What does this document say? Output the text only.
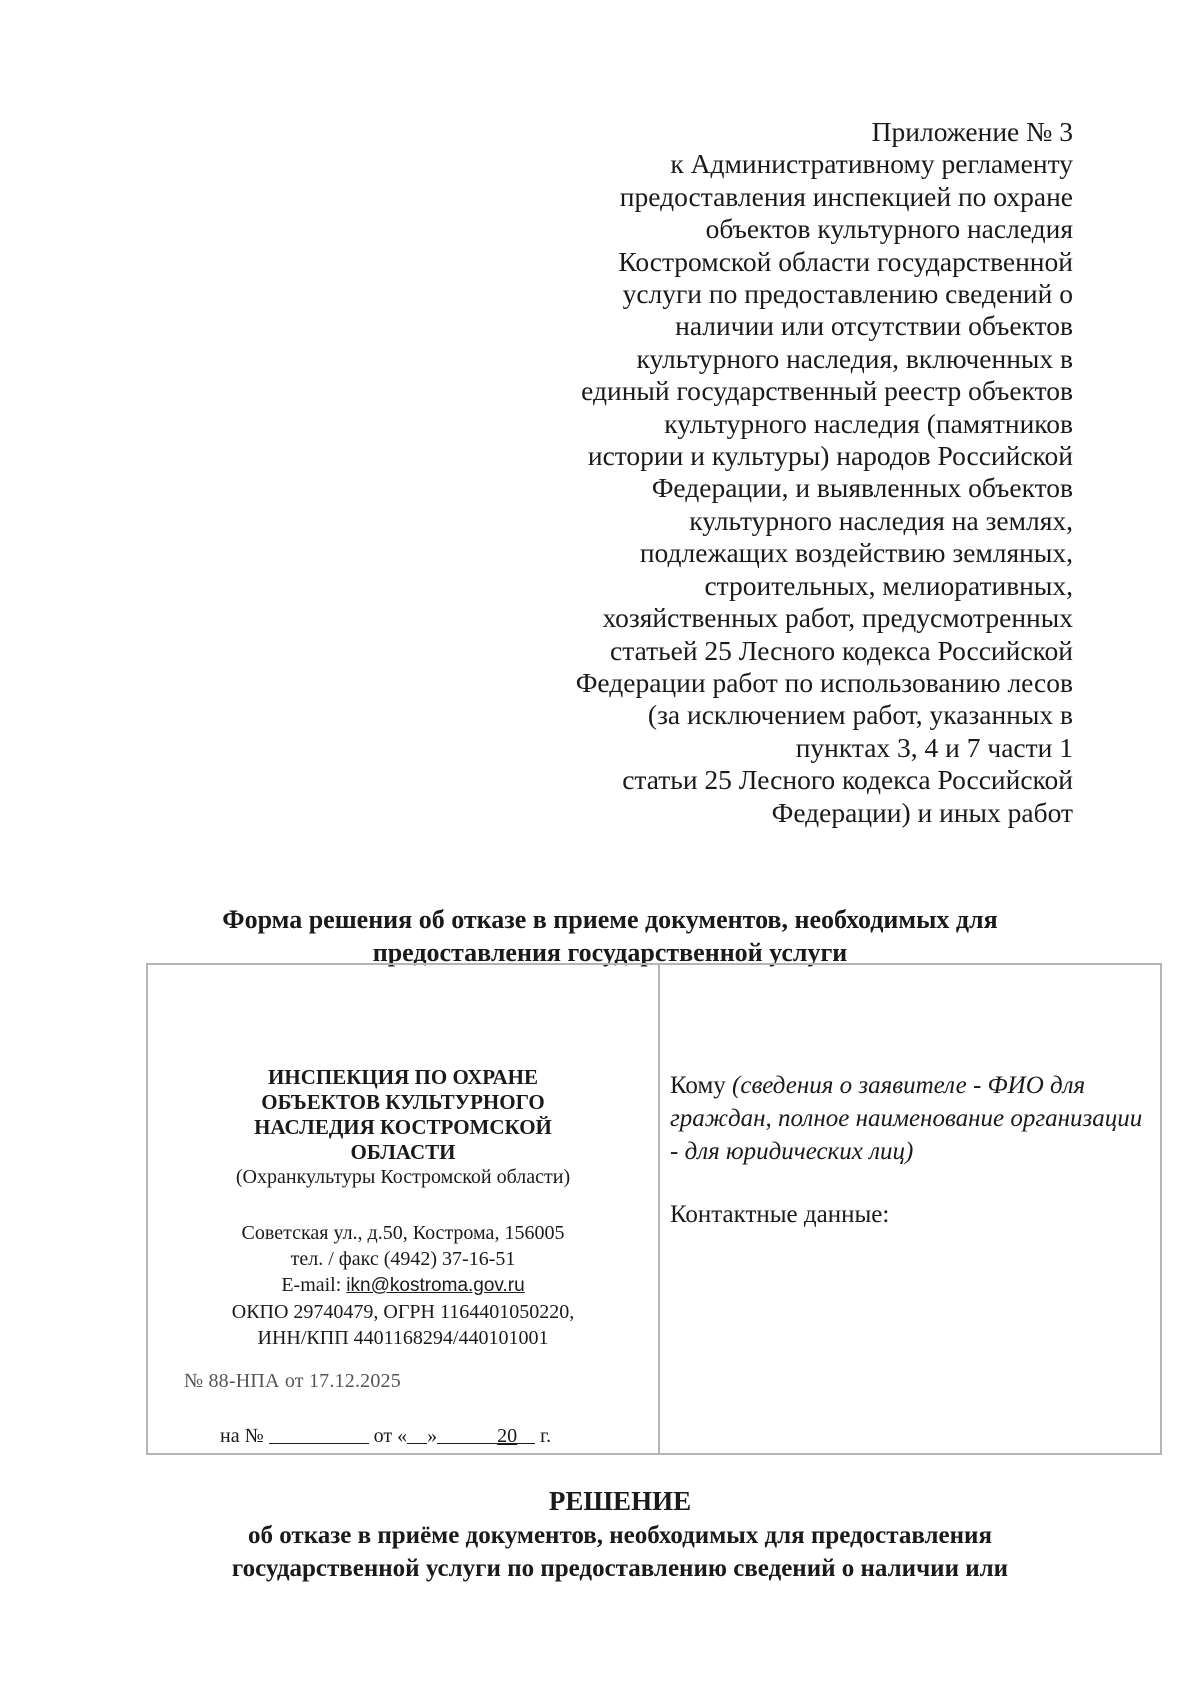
Приложение № 3
к Административному регламенту
предоставления инспекцией по охране
объектов культурного наследия
Костромской области государственной
услуги по предоставлению сведений о
наличии или отсутствии объектов
культурного наследия, включенных в
единый государственный реестр объектов
культурного наследия (памятников
истории и культуры) народов Российской
Федерации, и выявленных объектов
культурного наследия на землях,
подлежащих воздействию земляных,
строительных, мелиоративных,
хозяйственных работ, предусмотренных
статьей 25 Лесного кодекса Российской
Федерации работ по использованию лесов
(за исключением работ, указанных в
пунктах 3, 4 и 7 части 1
статьи 25 Лесного кодекса Российской
Федерации) и иных работ
Форма решения об отказе в приеме документов, необходимых для
предоставления государственной услуги
ИНСПЕКЦИЯ ПО ОХРАНЕ
ОБЪЕКТОВ КУЛЬТУРНОГО
НАСЛЕДИЯ КОСТРОМСКОЙ
ОБЛАСТИ
(Охранкультуры Костромской области)
Советская ул., д.50, Кострома, 156005
тел. / факс (4942) 37-16-51
E-mail: ikn@kostroma.gov.ru
ОКПО 29740479, ОГРН 1164401050220,
ИНН/КПП 4401168294/440101001
№ 88-НПА от 17.12.2025
на №	от « »	20 г.
Кому (сведения о заявителе - ФИО для граждан, полное наименование организации - для юридических лиц)
Контактные данные:
РЕШЕНИЕ
об отказе в приёме документов, необходимых для предоставления
государственной услуги по предоставлению сведений о наличии или
